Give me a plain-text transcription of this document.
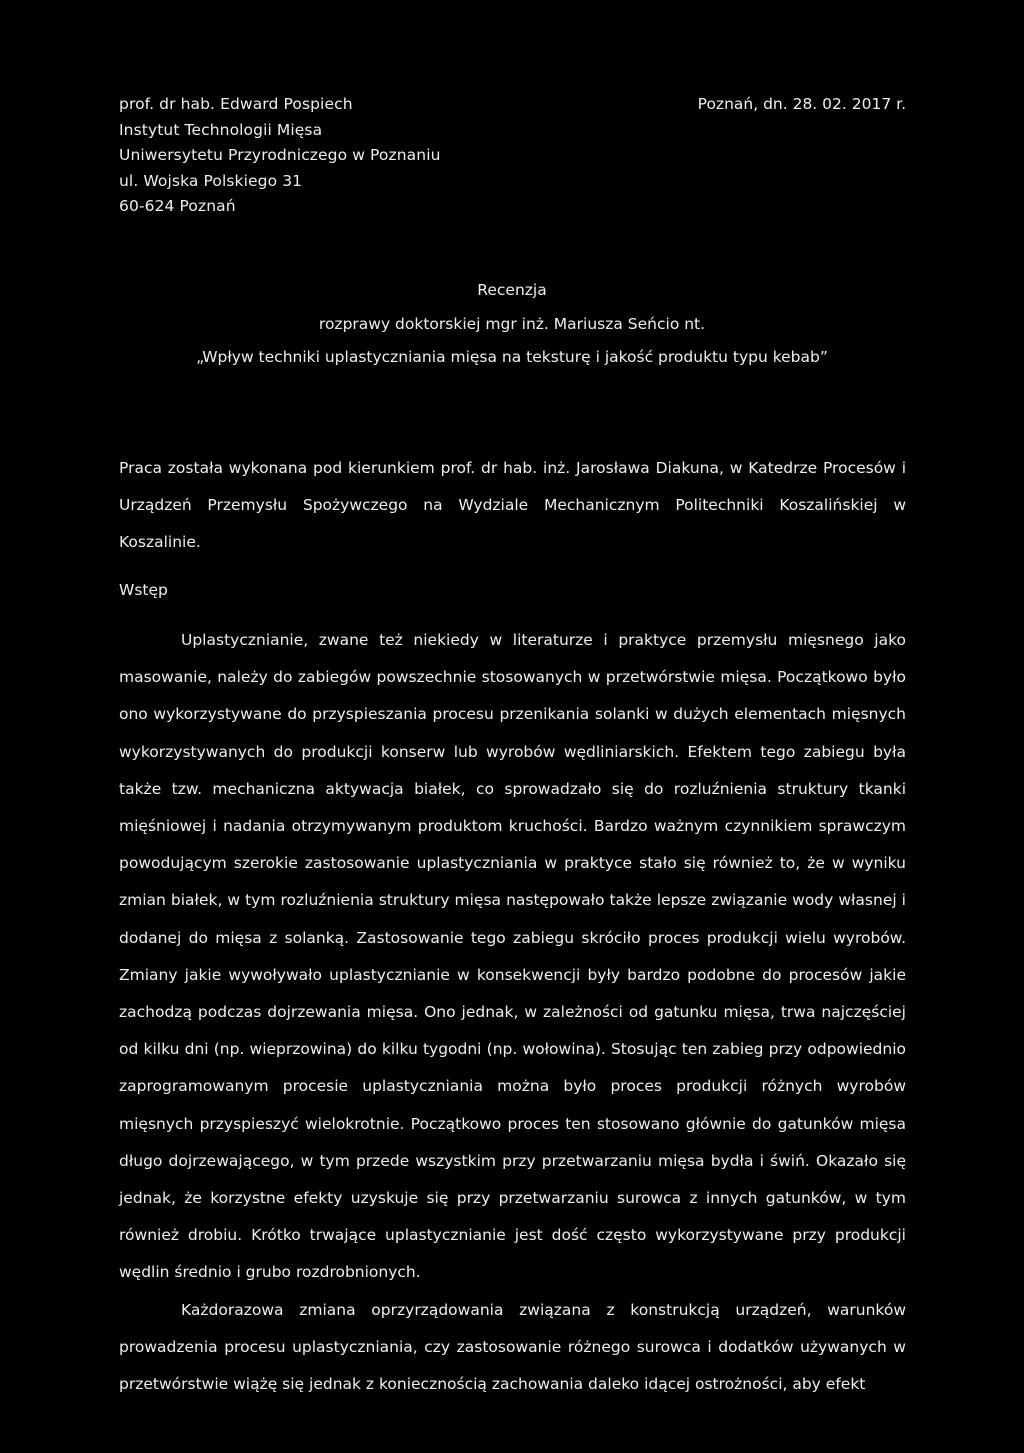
prof. dr hab. Edward Pospiech
Instytut Technologii Mięsa
Uniwersytetu Przyrodniczego w Poznaniu
ul. Wojska Polskiego 31
60-624 Poznań
Poznań, dn. 28. 02. 2017 r.
Recenzja
rozprawy doktorskiej mgr inż. Mariusza Seńcio nt.
„Wpływ techniki uplastyczniania mięsa na teksturę i jakość produktu typu kebab”

Praca została wykonana pod kierunkiem prof. dr hab. inż. Jarosława Diakuna, w Katedrze Procesów i Urządzeń Przemysłu Spożywczego na Wydziale Mechanicznym Politechniki Koszalińskiej w Koszalinie.

Wstęp

Uplastycznianie, zwane też niekiedy w literaturze i praktyce przemysłu mięsnego jako masowanie, należy do zabiegów powszechnie stosowanych w przetwórstwie mięsa. Początkowo było ono wykorzystywane do przyspieszania procesu przenikania solanki w dużych elementach mięsnych wykorzystywanych do produkcji konserw lub wyrobów wędliniarskich. Efektem tego zabiegu była także tzw. mechaniczna aktywacja białek, co sprowadzało się do rozluźnienia struktury tkanki mięśniowej i nadania otrzymywanym produktom kruchości. Bardzo ważnym czynnikiem sprawczym powodującym szerokie zastosowanie uplastyczniania w praktyce stało się również to, że w wyniku zmian białek, w tym rozluźnienia struktury mięsa następowało także lepsze związanie wody własnej i dodanej do mięsa z solanką. Zastosowanie tego zabiegu skróciło proces produkcji wielu wyrobów. Zmiany jakie wywoływało uplastycznianie w konsekwencji były bardzo podobne do procesów jakie zachodzą podczas dojrzewania mięsa. Ono jednak, w zależności od gatunku mięsa, trwa najczęściej od kilku dni (np. wieprzowina) do kilku tygodni (np. wołowina). Stosując ten zabieg przy odpowiednio zaprogramowanym procesie uplastyczniania można było proces produkcji różnych wyrobów mięsnych przyspieszyć wielokrotnie. Początkowo proces ten stosowano głównie do gatunków mięsa długo dojrzewającego, w tym przede wszystkim przy przetwarzaniu mięsa bydła i świń. Okazało się jednak, że korzystne efekty uzyskuje się przy przetwarzaniu surowca z innych gatunków, w tym również drobiu. Krótko trwające uplastycznianie jest dość często wykorzystywane przy produkcji wędlin średnio i grubo rozdrobnionych.

Każdorazowa zmiana oprzyrządowania związana z konstrukcją urządzeń, warunków prowadzenia procesu uplastyczniania, czy zastosowanie różnego surowca i dodatków używanych w przetwórstwie wiążę się jednak z koniecznością zachowania daleko idącej ostrożności, aby efekt
